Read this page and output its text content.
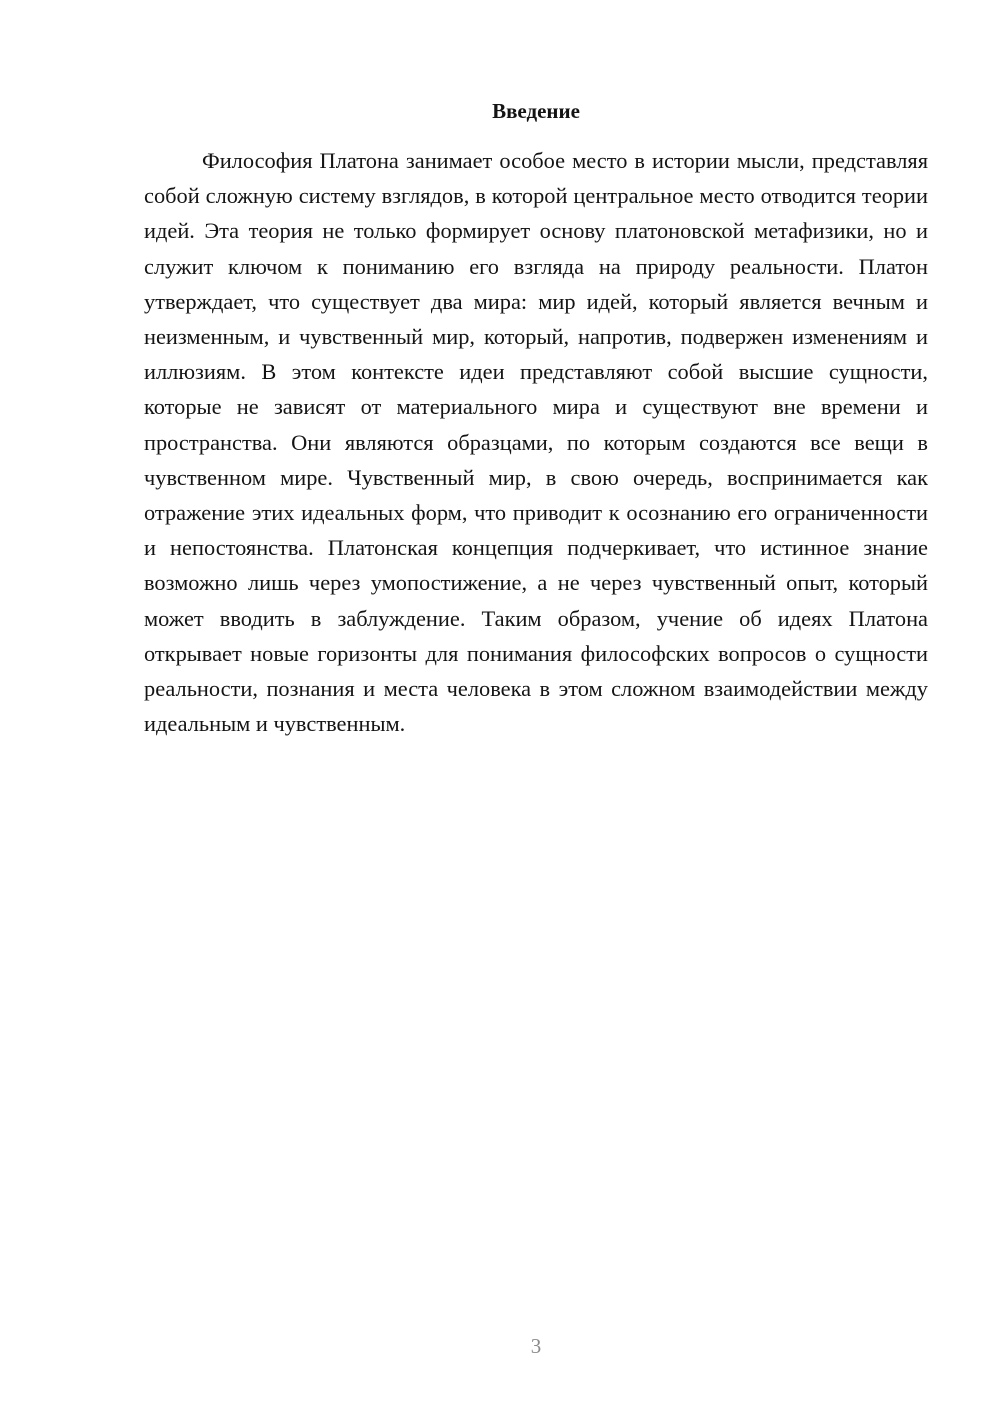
Введение

Философия Платона занимает особое место в истории мысли, представляя собой сложную систему взглядов, в которой центральное место отводится теории идей. Эта теория не только формирует основу платоновской метафизики, но и служит ключом к пониманию его взгляда на природу реальности. Платон утверждает, что существует два мира: мир идей, который является вечным и неизменным, и чувственный мир, который, напротив, подвержен изменениям и иллюзиям. В этом контексте идеи представляют собой высшие сущности, которые не зависят от материального мира и существуют вне времени и пространства. Они являются образцами, по которым создаются все вещи в чувственном мире. Чувственный мир, в свою очередь, воспринимается как отражение этих идеальных форм, что приводит к осознанию его ограниченности и непостоянства. Платонская концепция подчеркивает, что истинное знание возможно лишь через умопостижение, а не через чувственный опыт, который может вводить в заблуждение. Таким образом, учение об идеях Платона открывает новые горизонты для понимания философских вопросов о сущности реальности, познания и места человека в этом сложном взаимодействии между идеальным и чувственным.

3
